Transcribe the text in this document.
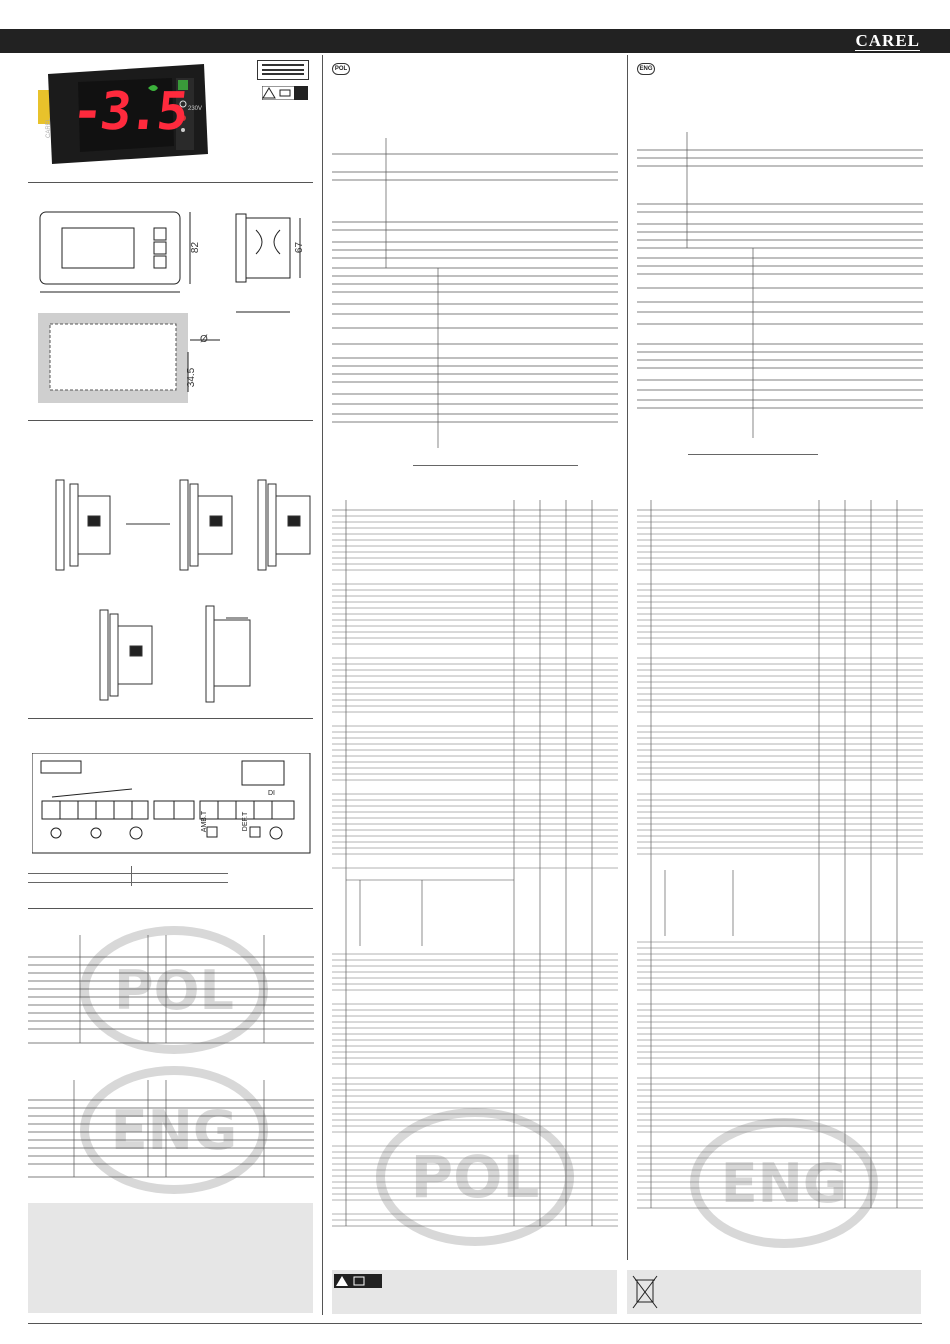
CAREL
CAREL
230V
-3.5
82	67
34.5
Ø
AMB.T	DEF.T
DI
POL
ENG
POL	ENG
POL	ENG
